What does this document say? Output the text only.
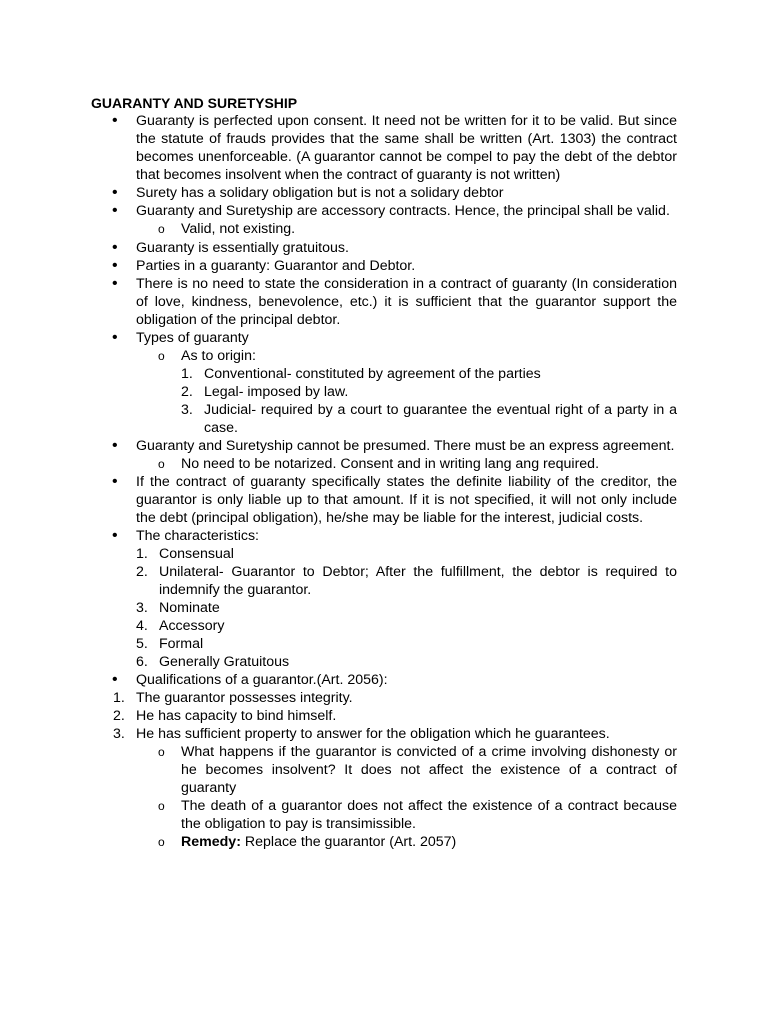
GUARANTY AND SURETYSHIP
• Guaranty is perfected upon consent. It need not be written for it to be valid. But since the statute of frauds provides that the same shall be written (Art. 1303) the contract becomes unenforceable. (A guarantor cannot be compel to pay the debt of the debtor that becomes insolvent when the contract of guaranty is not written)
• Surety has a solidary obligation but is not a solidary debtor
• Guaranty and Suretyship are accessory contracts. Hence, the principal shall be valid.
o Valid, not existing.
• Guaranty is essentially gratuitous.
• Parties in a guaranty: Guarantor and Debtor.
• There is no need to state the consideration in a contract of guaranty (In consideration of love, kindness, benevolence, etc.) it is sufficient that the guarantor support the obligation of the principal debtor.
• Types of guaranty
o As to origin:
1. Conventional- constituted by agreement of the parties
2. Legal- imposed by law.
3. Judicial- required by a court to guarantee the eventual right of a party in a case.
• Guaranty and Suretyship cannot be presumed. There must be an express agreement.
o No need to be notarized. Consent and in writing lang ang required.
• If the contract of guaranty specifically states the definite liability of the creditor, the guarantor is only liable up to that amount. If it is not specified, it will not only include the debt (principal obligation), he/she may be liable for the interest, judicial costs.
• The characteristics:
1. Consensual
2. Unilateral- Guarantor to Debtor; After the fulfillment, the debtor is required to indemnify the guarantor.
3. Nominate
4. Accessory
5. Formal
6. Generally Gratuitous
• Qualifications of a guarantor.(Art. 2056):
1. The guarantor possesses integrity.
2. He has capacity to bind himself.
3. He has sufficient property to answer for the obligation which he guarantees.
o What happens if the guarantor is convicted of a crime involving dishonesty or he becomes insolvent? It does not affect the existence of a contract of guaranty
o The death of a guarantor does not affect the existence of a contract because the obligation to pay is transimissible.
o Remedy: Replace the guarantor (Art. 2057)
